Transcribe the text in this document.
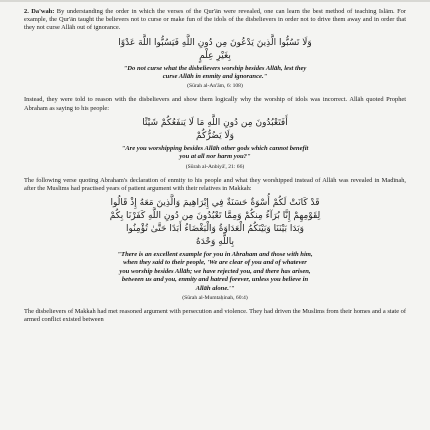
2. Da'wah: By understanding the order in which the verses of the Qur'ān were revealed, one can learn the best method of teaching Islām. For example, the Qur'ān taught the believers not to curse or make fun of the idols of the disbelievers in order not to drive them away and in order that they not curse Allāh out of ignorance.

وَلَا تَسُبُّوا الَّذِينَ يَدْعُونَ مِن دُونِ اللَّهِ فَيَسُبُّوا اللَّهَ عَدْوًا
بِغَيْرِ عِلْمٍ
"Do not curse what the disbelievers worship besides Allāh, lest they
curse Allāh in enmity and ignorance."
(Sūrah al-An'ām, 6: 108)

Instead, they were told to reason with the disbelievers and show them logically why the worship of idols was incorrect. Allāh quoted Prophet Abraham as saying to his people:

أَفَتَعْبُدُونَ مِن دُونِ اللَّهِ مَا لَا يَنفَعُكُمْ شَيْئًا
وَلَا يَضُرُّكُمْ
"Are you worshipping besides Allāh other gods which cannot benefit
you at all nor harm you?"
(Sūrah al-Anbiyā', 21: 66)

The following verse quoting Abraham's declaration of enmity to his people and what they worshipped instead of Allāh was revealed in Madīnah, after the Muslims had practised years of patient argument with their relatives in Makkah:

قَدْ كَانَتْ لَكُمْ أُسْوَةٌ حَسَنَةٌ فِي إِبْرَاهِيمَ وَالَّذِينَ مَعَهُ إِذْ قَالُوا
لِقَوْمِهِمْ إِنَّا بُرَآءُ مِنكُمْ وَمِمَّا تَعْبُدُونَ مِن دُونِ اللَّهِ كَفَرْنَا بِكُمْ
وَبَدَا بَيْنَنَا وَبَيْنَكُمُ الْعَدَاوَةُ وَالْبَغْضَاءُ أَبَدًا حَتَّىٰ تُؤْمِنُوا
بِاللَّهِ وَحْدَهُ
"There is an excellent example for you in Abraham and those with him,
when they said to their people, 'We are clear of you and of whatever
you worship besides Allāh; we have rejected you, and there has arisen,
between us and you, enmity and hatred forever, unless you believe in
Allāh alone.'"
(Sūrah al-Mumtaḥinah, 60:4)

The disbelievers of Makkah had met reasoned argument with persecution and violence. They had driven the Muslims from their homes and a state of armed conflict existed between
